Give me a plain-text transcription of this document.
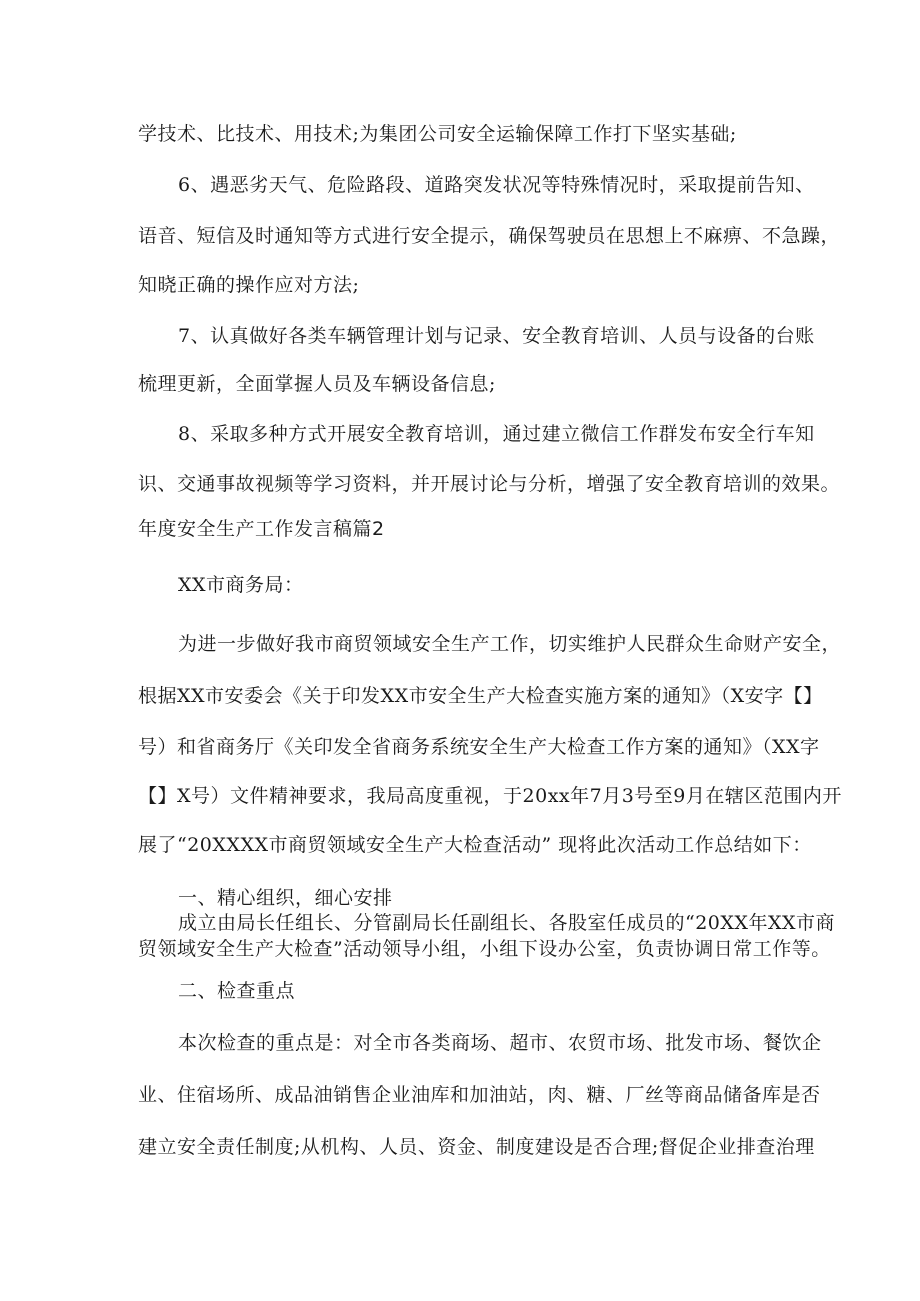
学技术、比技术、用技术;为集团公司安全运输保障工作打下坚实基础;
6、遇恶劣天气、危险路段、道路突发状况等特殊情况时，采取提前告知、
语音、短信及时通知等方式进行安全提示，确保驾驶员在思想上不麻痹、不急躁，
知晓正确的操作应对方法;
7、认真做好各类车辆管理计划与记录、安全教育培训、人员与设备的台账
梳理更新，全面掌握人员及车辆设备信息;
8、采取多种方式开展安全教育培训，通过建立微信工作群发布安全行车知
识、交通事故视频等学习资料，并开展讨论与分析，增强了安全教育培训的效果。
年度安全生产工作发言稿篇2
XX市商务局：
为进一步做好我市商贸领域安全生产工作，切实维护人民群众生命财产安全，
根据XX市安委会《关于印发XX市安全生产大检查实施方案的通知》（X安字【】
号）和省商务厅《关印发全省商务系统安全生产大检查工作方案的通知》（XX字
【】X号）文件精神要求，我局高度重视，于20xx年7月3号至9月在辖区范围内开
展了“20XXXX市商贸领域安全生产大检查活动” 现将此次活动工作总结如下：
一、精心组织，细心安排
成立由局长任组长、分管副局长任副组长、各股室任成员的“20XX年XX市商
贸领域安全生产大检查”活动领导小组，小组下设办公室，负责协调日常工作等。
二、检查重点
本次检查的重点是：对全市各类商场、超市、农贸市场、批发市场、餐饮企
业、住宿场所、成品油销售企业油库和加油站，肉、糖、厂丝等商品储备库是否
建立安全责任制度;从机构、人员、资金、制度建设是否合理;督促企业排查治理
